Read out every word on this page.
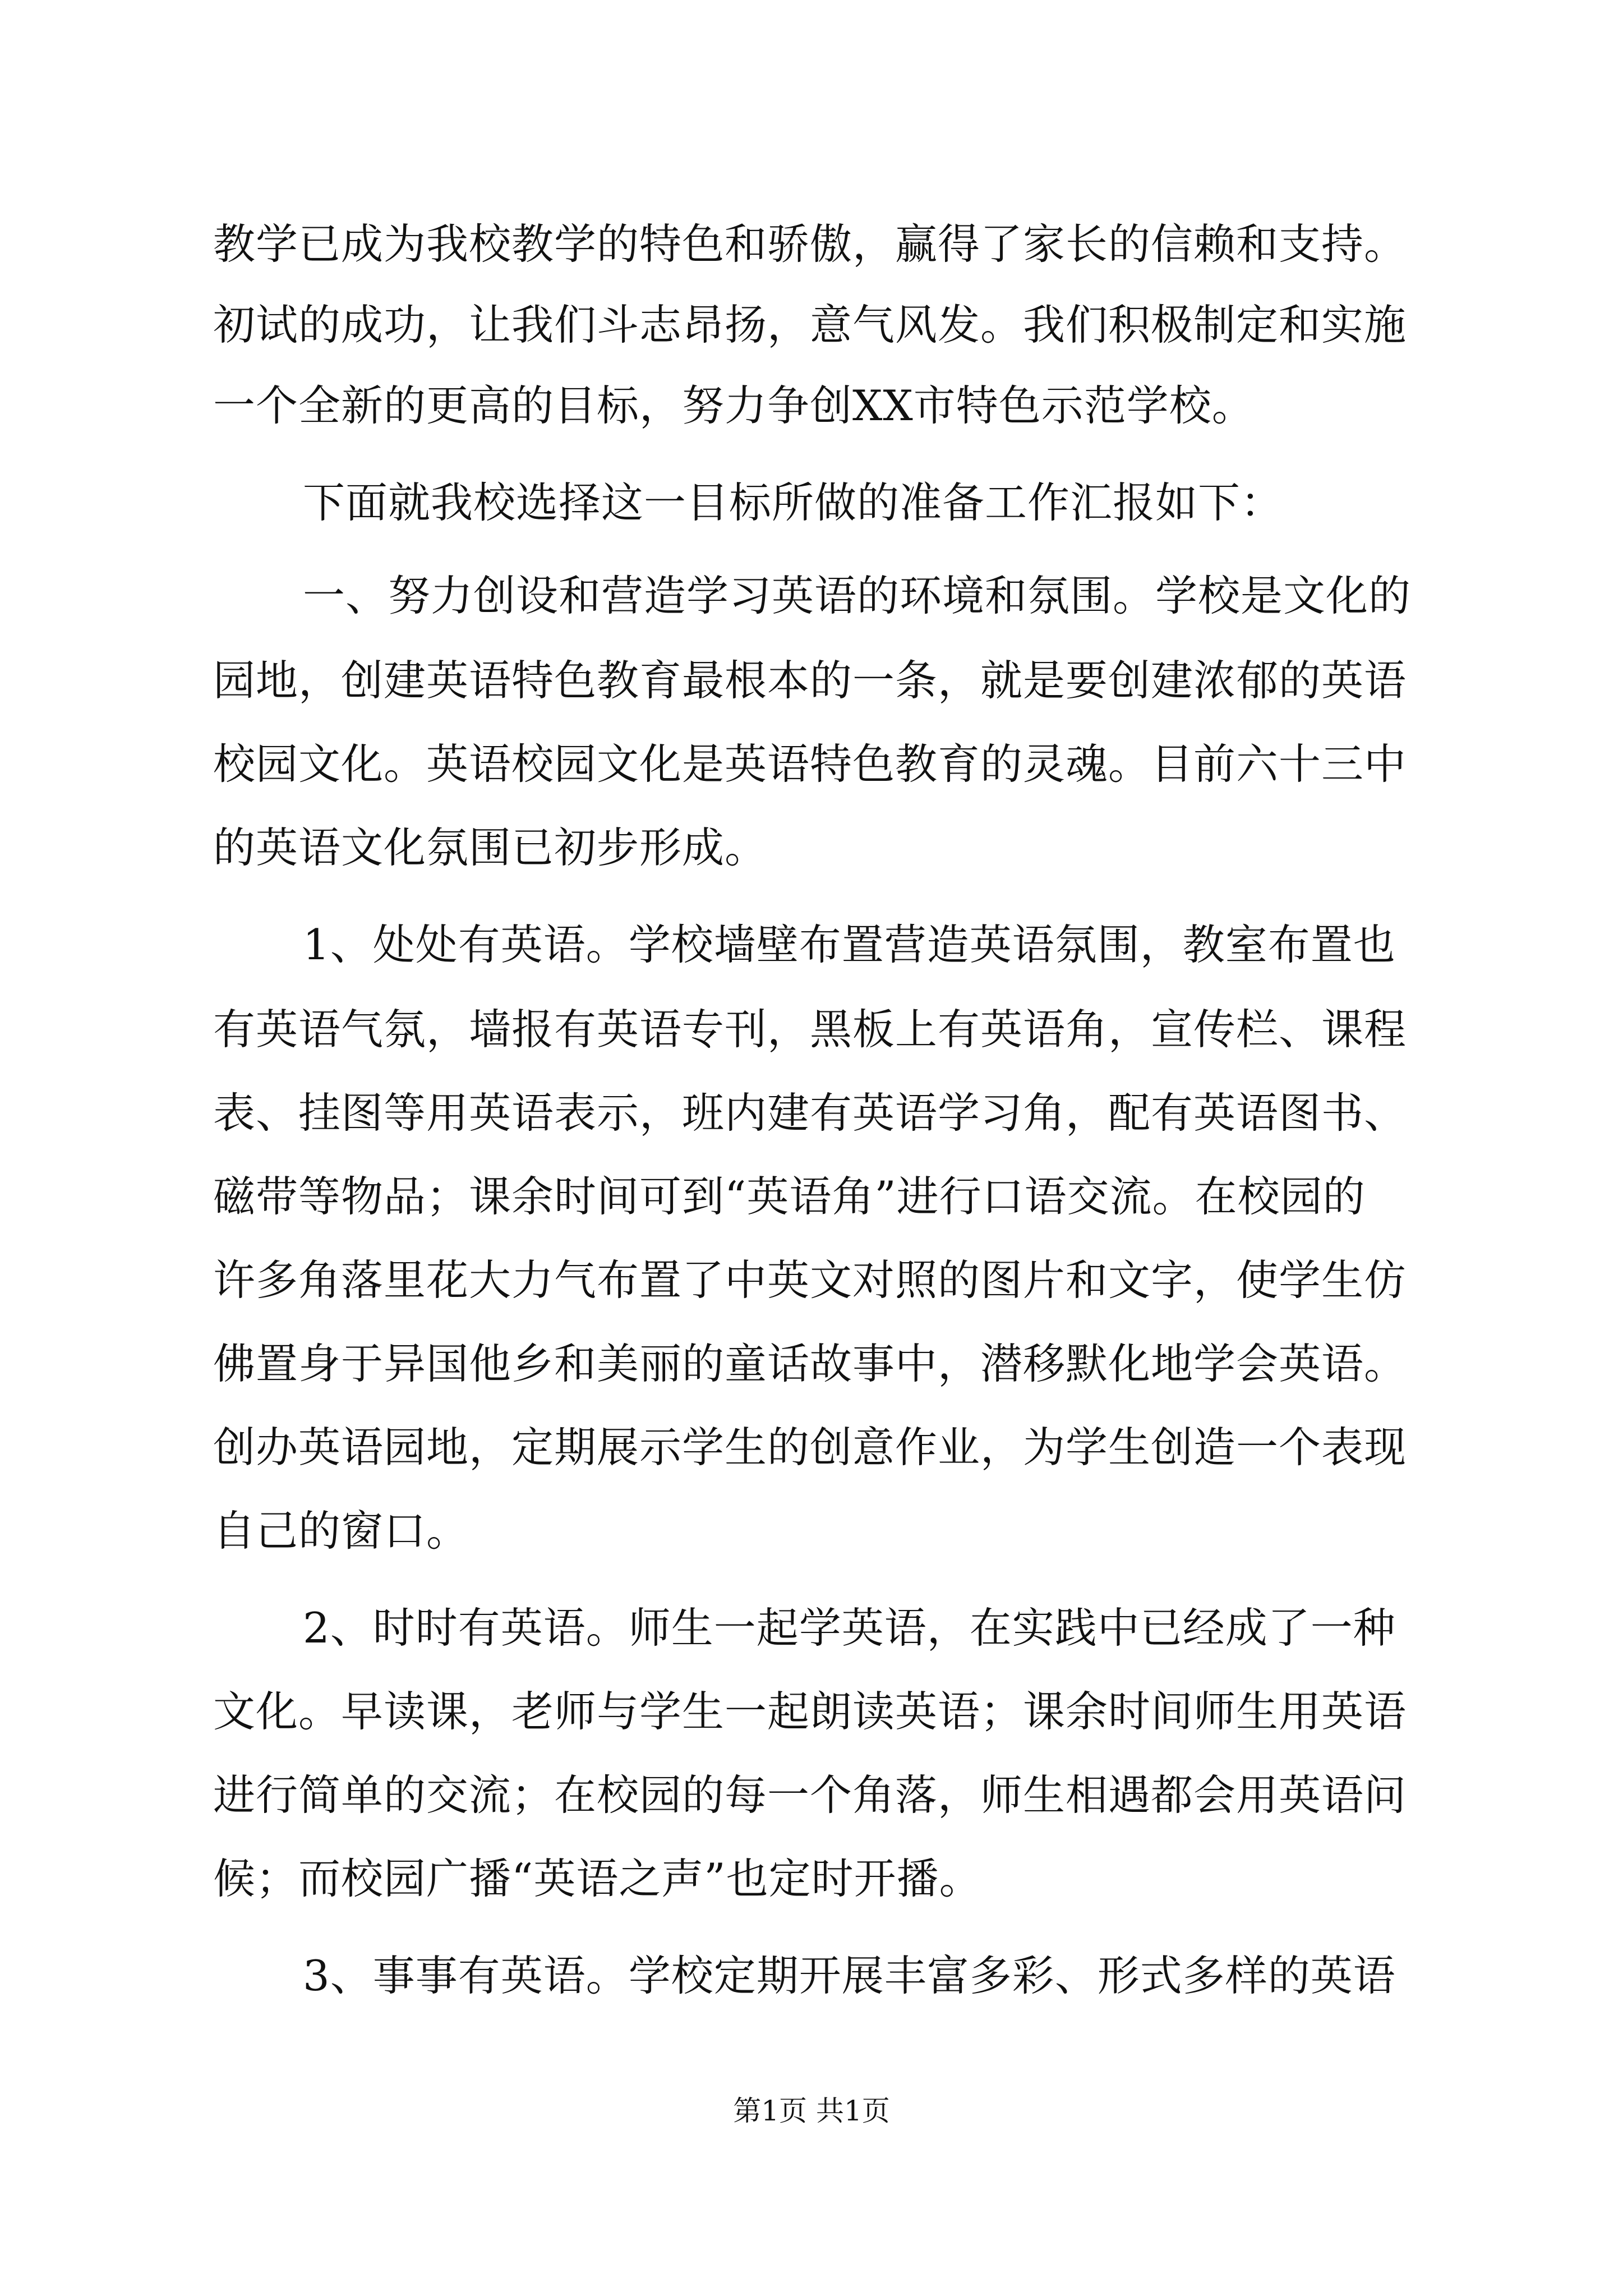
教学已成为我校教学的特色和骄傲，赢得了家长的信赖和支持。
初试的成功，让我们斗志昂扬，意气风发。我们积极制定和实施
一个全新的更高的目标，努力争创XX市特色示范学校。
下面就我校选择这一目标所做的准备工作汇报如下：
一、努力创设和营造学习英语的环境和氛围。学校是文化的
园地，创建英语特色教育最根本的一条，就是要创建浓郁的英语
校园文化。英语校园文化是英语特色教育的灵魂。目前六十三中
的英语文化氛围已初步形成。
1、处处有英语。学校墙壁布置营造英语氛围，教室布置也
有英语气氛，墙报有英语专刊，黑板上有英语角，宣传栏、课程
表、挂图等用英语表示，班内建有英语学习角，配有英语图书、
磁带等物品；课余时间可到“英语角”进行口语交流。在校园的
许多角落里花大力气布置了中英文对照的图片和文字，使学生仿
佛置身于异国他乡和美丽的童话故事中，潜移默化地学会英语。
创办英语园地，定期展示学生的创意作业，为学生创造一个表现
自己的窗口。
2、时时有英语。师生一起学英语，在实践中已经成了一种
文化。早读课，老师与学生一起朗读英语；课余时间师生用英语
进行简单的交流；在校园的每一个角落，师生相遇都会用英语问
候；而校园广播“英语之声”也定时开播。
3、事事有英语。学校定期开展丰富多彩、形式多样的英语
第1页 共1页
